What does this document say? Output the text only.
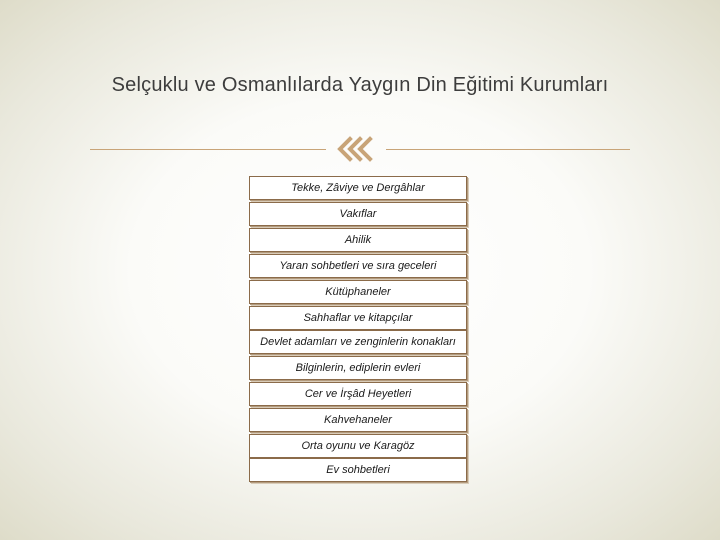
Selçuklu ve Osmanlılarda Yaygın Din Eğitimi Kurumları
Tekke, Zâviye ve Dergâhlar
Vakıflar
Ahilik
Yaran sohbetleri ve sıra geceleri
Kütüphaneler
Sahhaflar ve kitapçılar
Devlet adamları ve zenginlerin konakları
Bilginlerin, ediplerin evleri
Cer ve İrşâd Heyetleri
Kahvehaneler
Orta oyunu ve Karagöz
Ev sohbetleri
